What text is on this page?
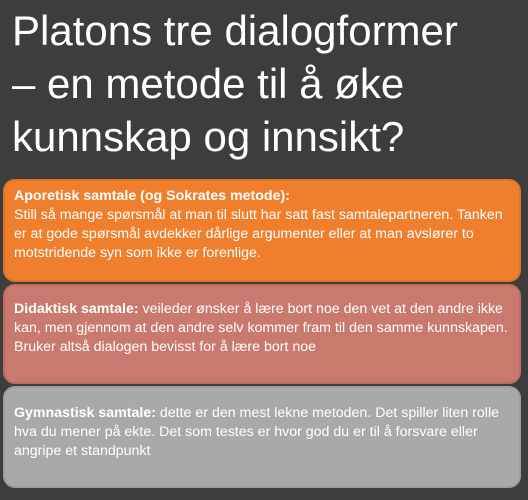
Platons tre dialogformer
– en metode til å øke
kunnskap og innsikt?
Aporetisk samtale (og Sokrates metode):
Still så mange spørsmål at man til slutt har satt fast samtalepartneren. Tanken er at gode spørsmål avdekker dårlige argumenter eller at man avslører to motstridende syn som ikke er forenlige.
Didaktisk samtale: veileder ønsker å lære bort noe den vet at den andre ikke kan, men gjennom at den andre selv kommer fram til den samme kunnskapen. Bruker altså dialogen bevisst for å lære bort noe
Gymnastisk samtale: dette er den mest lekne metoden. Det spiller liten rolle hva du mener på ekte. Det som testes er hvor god du er til å forsvare eller angripe et standpunkt
